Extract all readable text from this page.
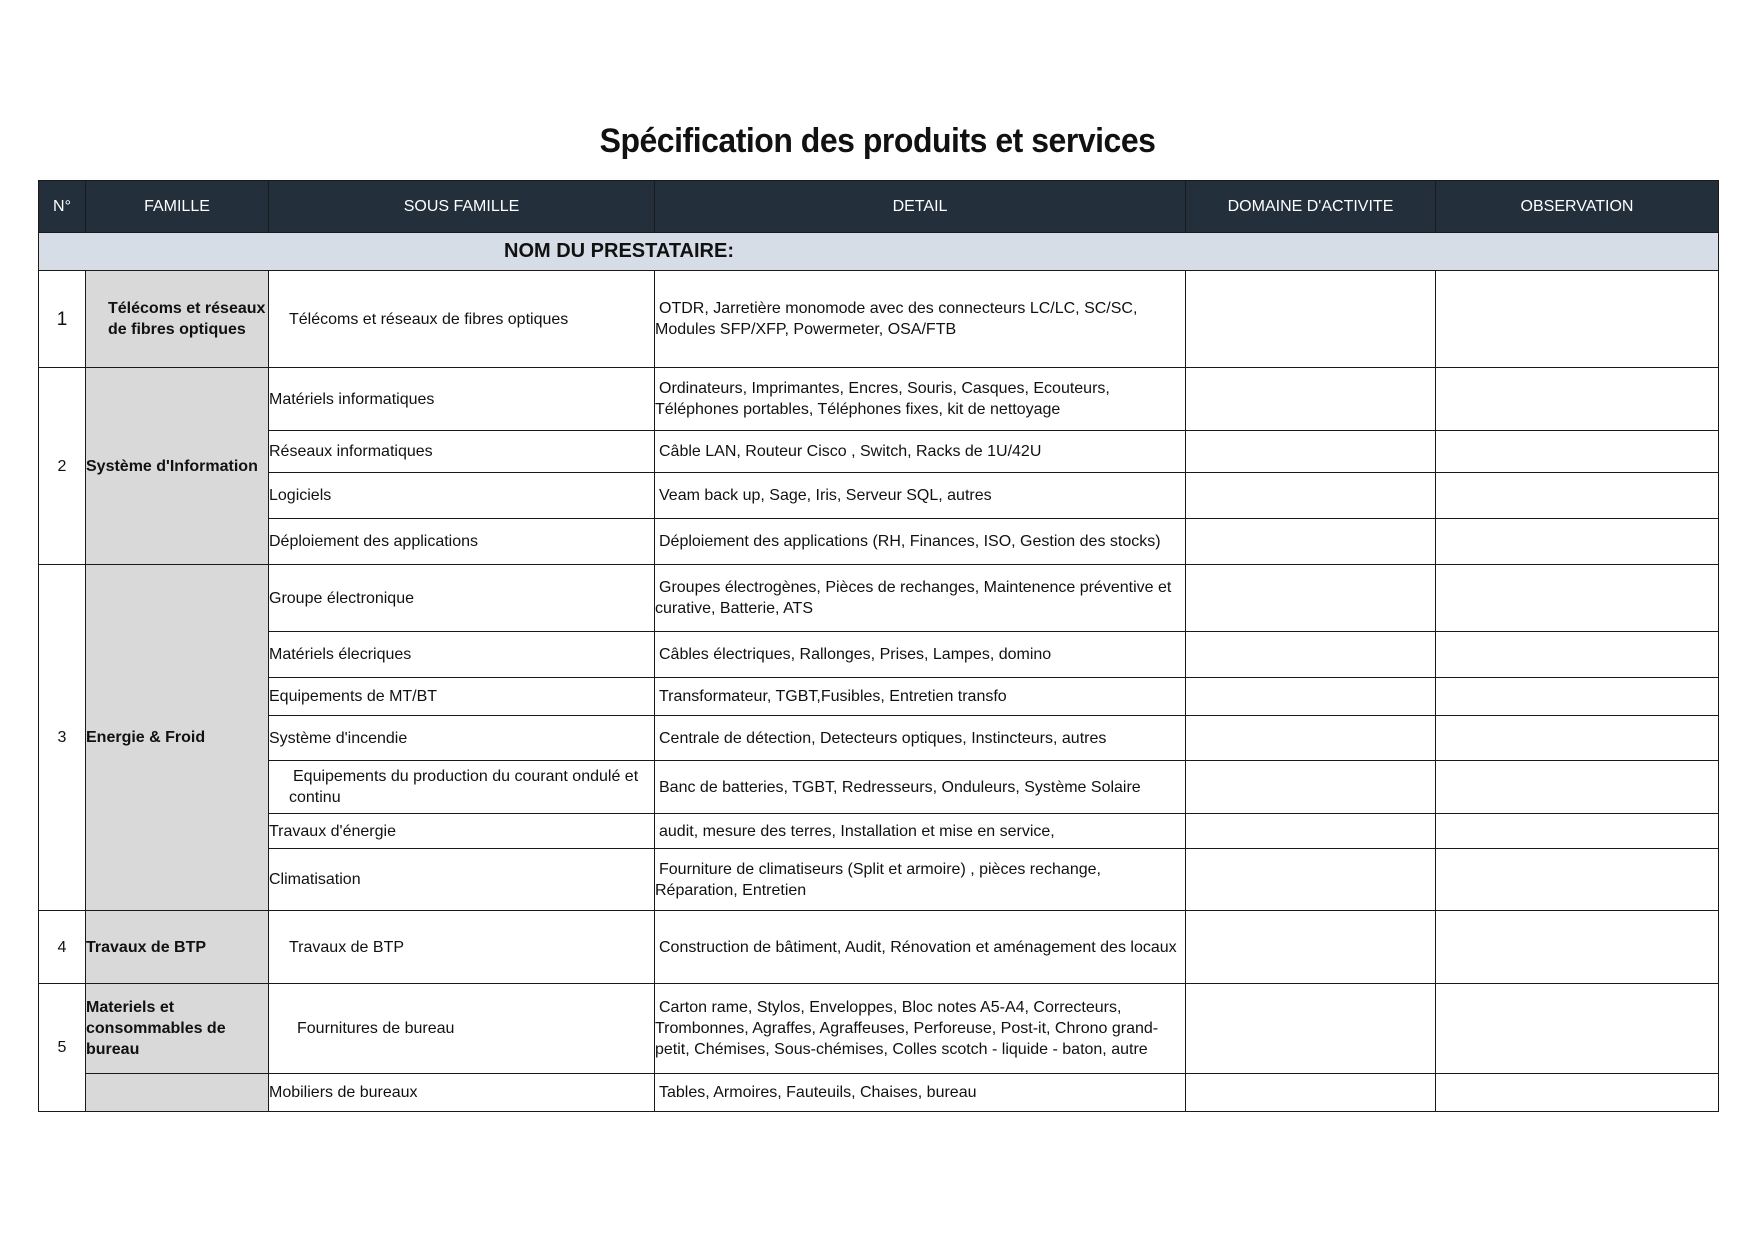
Spécification des produits et services
N°	FAMILLE	SOUS FAMILLE	DETAIL	DOMAINE D'ACTIVITE	OBSERVATION
NOM DU PRESTATAIRE:					
1	Télécoms et réseaux de fibres optiques	Télécoms et réseaux de fibres optiques	OTDR, Jarretière monomode avec des connecteurs LC/LC, SC/SC,
Modules SFP/XFP, Powermeter, OSA/FTB		

2	Système d'Information	Matériels informatiques	Ordinateurs, Imprimantes, Encres, Souris, Casques, Ecouteurs,
Téléphones portables, Téléphones fixes, kit de nettoyage		

		Réseaux informatiques	Câble LAN, Routeur Cisco , Switch, Racks de 1U/42U		

		Logiciels	Veam back up, Sage, Iris, Serveur SQL, autres		

		Déploiement des applications	Déploiement des applications (RH, Finances, ISO, Gestion des stocks)		

3	Energie & Froid	Groupe électronique	Groupes électrogènes, Pièces de rechanges, Maintenence préventive et
curative, Batterie, ATS		

		Matériels élecriques	Câbles électriques, Rallonges, Prises, Lampes, domino		

		Equipements de MT/BT	Transformateur, TGBT,Fusibles, Entretien transfo		

		Système d'incendie	Centrale de détection, Detecteurs optiques, Instincteurs, autres		

		Equipements du production du courant ondulé et
continu	Banc de batteries, TGBT, Redresseurs, Onduleurs, Système Solaire		

		Travaux d'énergie	audit, mesure des terres, Installation et mise en service,		

		Climatisation	Fourniture de climatiseurs (Split et armoire) , pièces rechange,
Réparation, Entretien		

4	Travaux de BTP	Travaux de BTP	Construction de bâtiment, Audit, Rénovation et aménagement des locaux		

5	Materiels et consommables de bureau	Fournitures de bureau	Carton rame, Stylos, Enveloppes, Bloc notes A5-A4, Correcteurs,
Trombonnes, Agraffes, Agraffeuses, Perforeuse, Post-it, Chrono grand-
petit, Chémises, Sous-chémises, Colles scotch - liquide - baton, autre		

		Mobiliers de bureaux	Tables, Armoires, Fauteuils, Chaises, bureau		
